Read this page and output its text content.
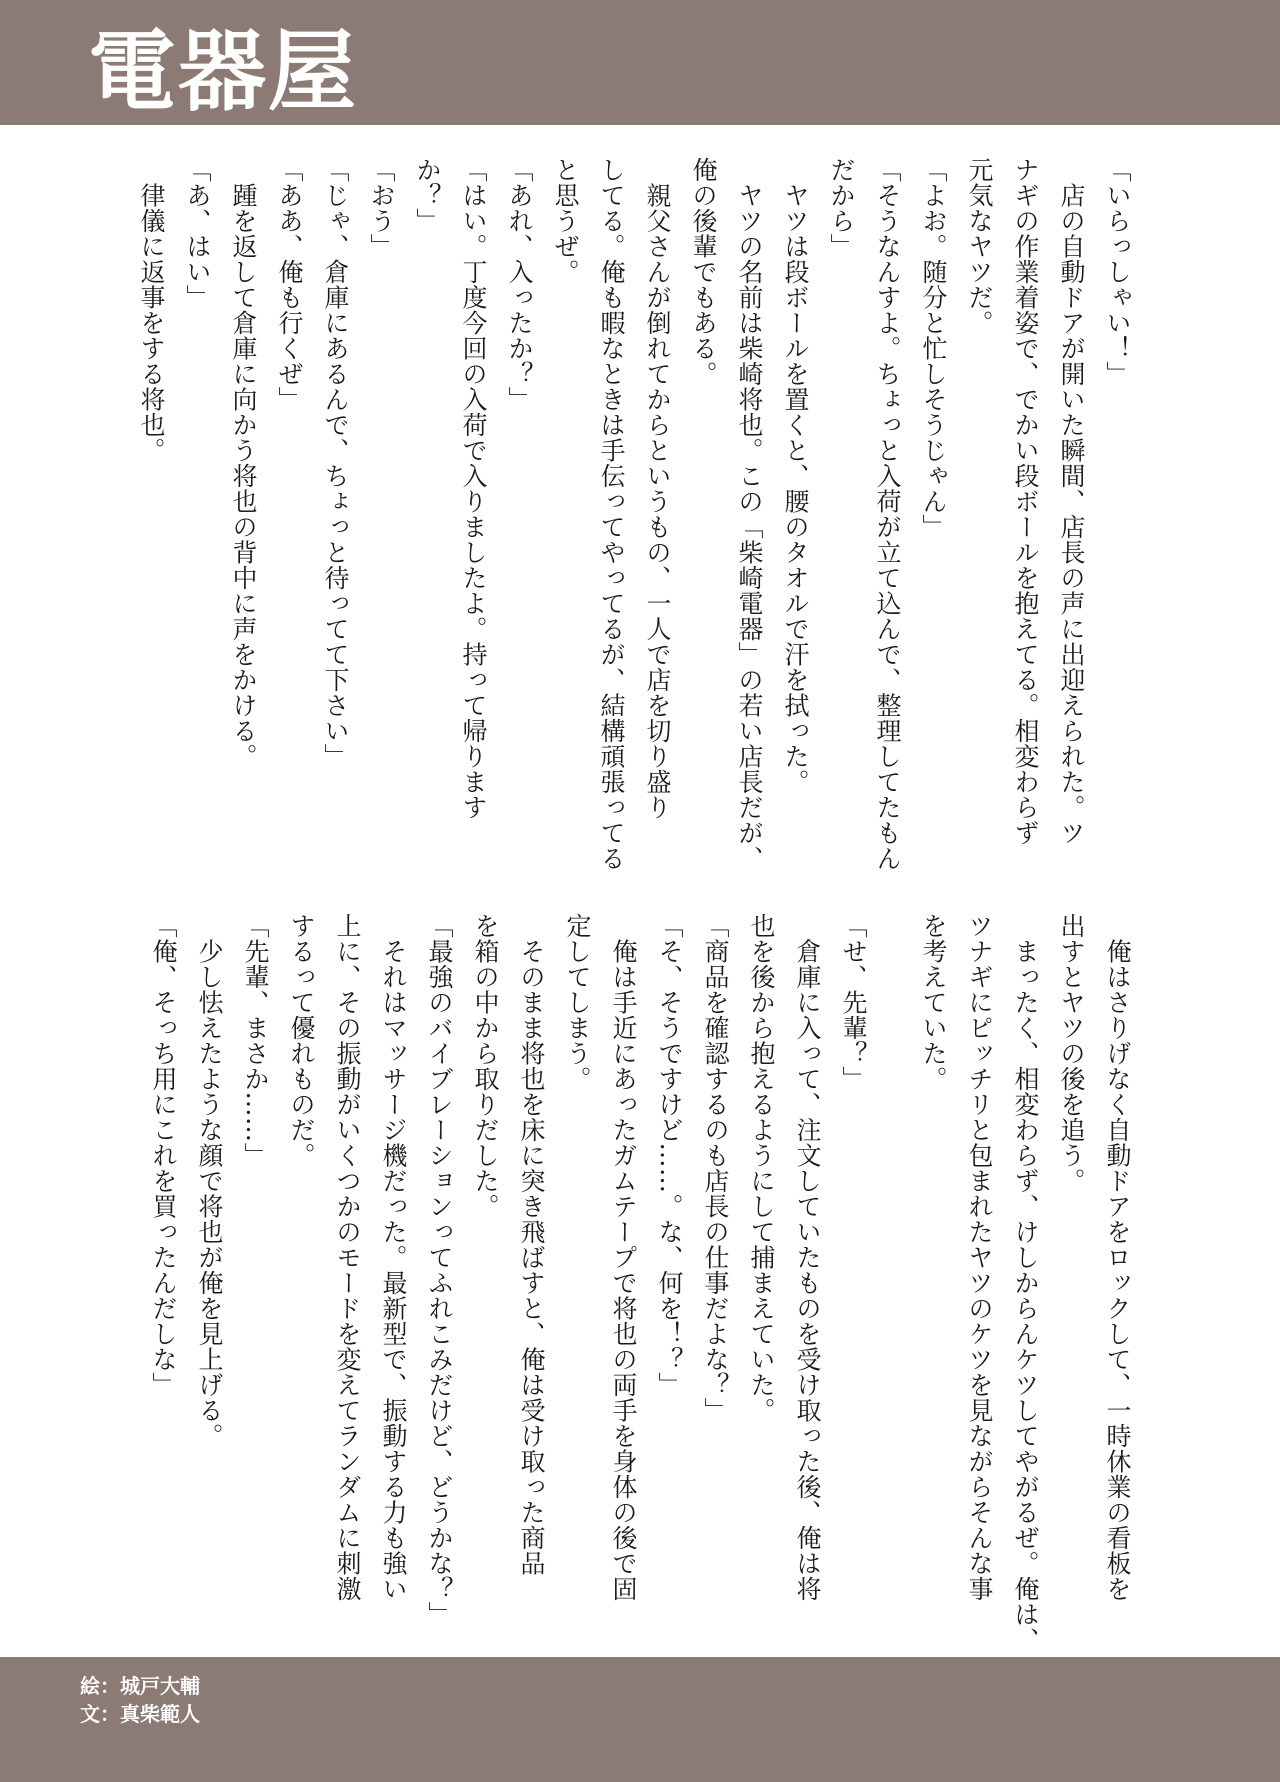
電器屋
「いらっしゃい！」
　店の自動ドアが開いた瞬間、店長の声に出迎えられた。ツ
ナギの作業着姿で、でかい段ボールを抱えてる。相変わらず
元気なヤツだ。
「よお。随分と忙しそうじゃん」
「そうなんすよ。ちょっと入荷が立て込んで、整理してたもん
だから」
　ヤツは段ボールを置くと、腰のタオルで汗を拭った。
　ヤツの名前は柴崎将也。この「柴崎電器」の若い店長だが、
俺の後輩でもある。
　親父さんが倒れてからというもの、一人で店を切り盛り
してる。俺も暇なときは手伝ってやってるが、結構頑張ってる
と思うぜ。
「あれ、入ったか？」
「はい。丁度今回の入荷で入りましたよ。持って帰ります
か？」
「おう」
「じゃ、倉庫にあるんで、ちょっと待ってて下さい」
「ああ、俺も行くぜ」
　踵を返して倉庫に向かう将也の背中に声をかける。
「あ、はい」
　律儀に返事をする将也。
　俺はさりげなく自動ドアをロックして、一時休業の看板を
出すとヤツの後を追う。
　まったく、相変わらず、けしからんケツしてやがるぜ。俺は、
ツナギにピッチリと包まれたヤツのケツを見ながらそんな事
を考えていた。
「せ、先輩？」
　倉庫に入って、注文していたものを受け取った後、俺は将
也を後から抱えるようにして捕まえていた。
「商品を確認するのも店長の仕事だよな？」
「そ、そうですけど……。な、何を！？」
　俺は手近にあったガムテープで将也の両手を身体の後で固
定してしまう。
　そのまま将也を床に突き飛ばすと、俺は受け取った商品
を箱の中から取りだした。
「最強のバイブレーションってふれこみだけど、どうかな？」
　それはマッサージ機だった。最新型で、振動する力も強い
上に、その振動がいくつかのモードを変えてランダムに刺激
するって優れものだ。
「先輩、まさか……」
　少し怯えたような顔で将也が俺を見上げる。
「俺、そっち用にこれを買ったんだしな」
絵：城戸大輔
文：真柴範人
